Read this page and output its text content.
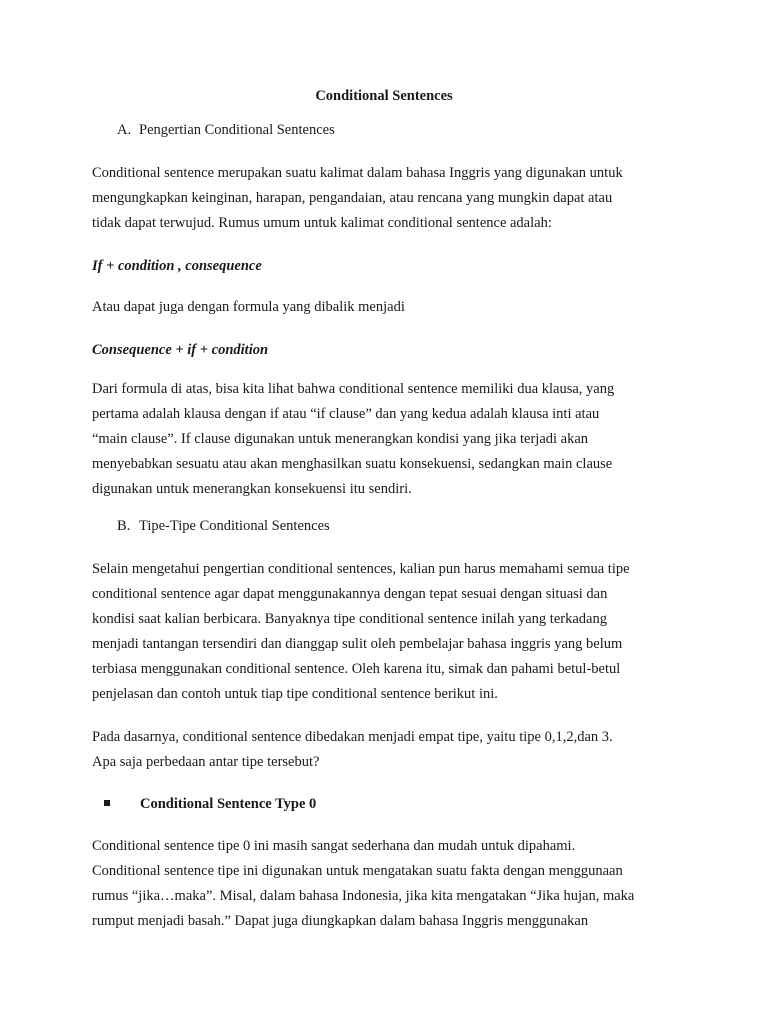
Conditional Sentences
A. Pengertian Conditional Sentences
Conditional sentence merupakan suatu kalimat dalam bahasa Inggris yang digunakan untuk
mengungkapkan keinginan, harapan, pengandaian, atau rencana yang mungkin dapat atau
tidak dapat terwujud. Rumus umum untuk kalimat conditional sentence adalah:
If + condition , consequence
Atau dapat juga dengan formula yang dibalik menjadi
Consequence + if + condition
Dari formula di atas, bisa kita lihat bahwa conditional sentence memiliki dua klausa, yang
pertama adalah klausa dengan if atau “if clause” dan yang kedua adalah klausa inti atau
“main clause”. If clause digunakan untuk menerangkan kondisi yang jika terjadi akan
menyebabkan sesuatu atau akan menghasilkan suatu konsekuensi, sedangkan main clause
digunakan untuk menerangkan konsekuensi itu sendiri.
B. Tipe-Tipe Conditional Sentences
Selain mengetahui pengertian conditional sentences, kalian pun harus memahami semua tipe
conditional sentence agar dapat menggunakannya dengan tepat sesuai dengan situasi dan
kondisi saat kalian berbicara. Banyaknya tipe conditional sentence inilah yang terkadang
menjadi tantangan tersendiri dan dianggap sulit oleh pembelajar bahasa inggris yang belum
terbiasa menggunakan conditional sentence. Oleh karena itu, simak dan pahami betul-betul
penjelasan dan contoh untuk tiap tipe conditional sentence berikut ini.
Pada dasarnya, conditional sentence dibedakan menjadi empat tipe, yaitu tipe 0,1,2,dan 3.
Apa saja perbedaan antar tipe tersebut?
Conditional Sentence Type 0
Conditional sentence tipe 0 ini masih sangat sederhana dan mudah untuk dipahami.
Conditional sentence tipe ini digunakan untuk mengatakan suatu fakta dengan menggunaan
rumus “jika…maka”. Misal, dalam bahasa Indonesia, jika kita mengatakan “Jika hujan, maka
rumput menjadi basah.” Dapat juga diungkapkan dalam bahasa Inggris menggunakan
